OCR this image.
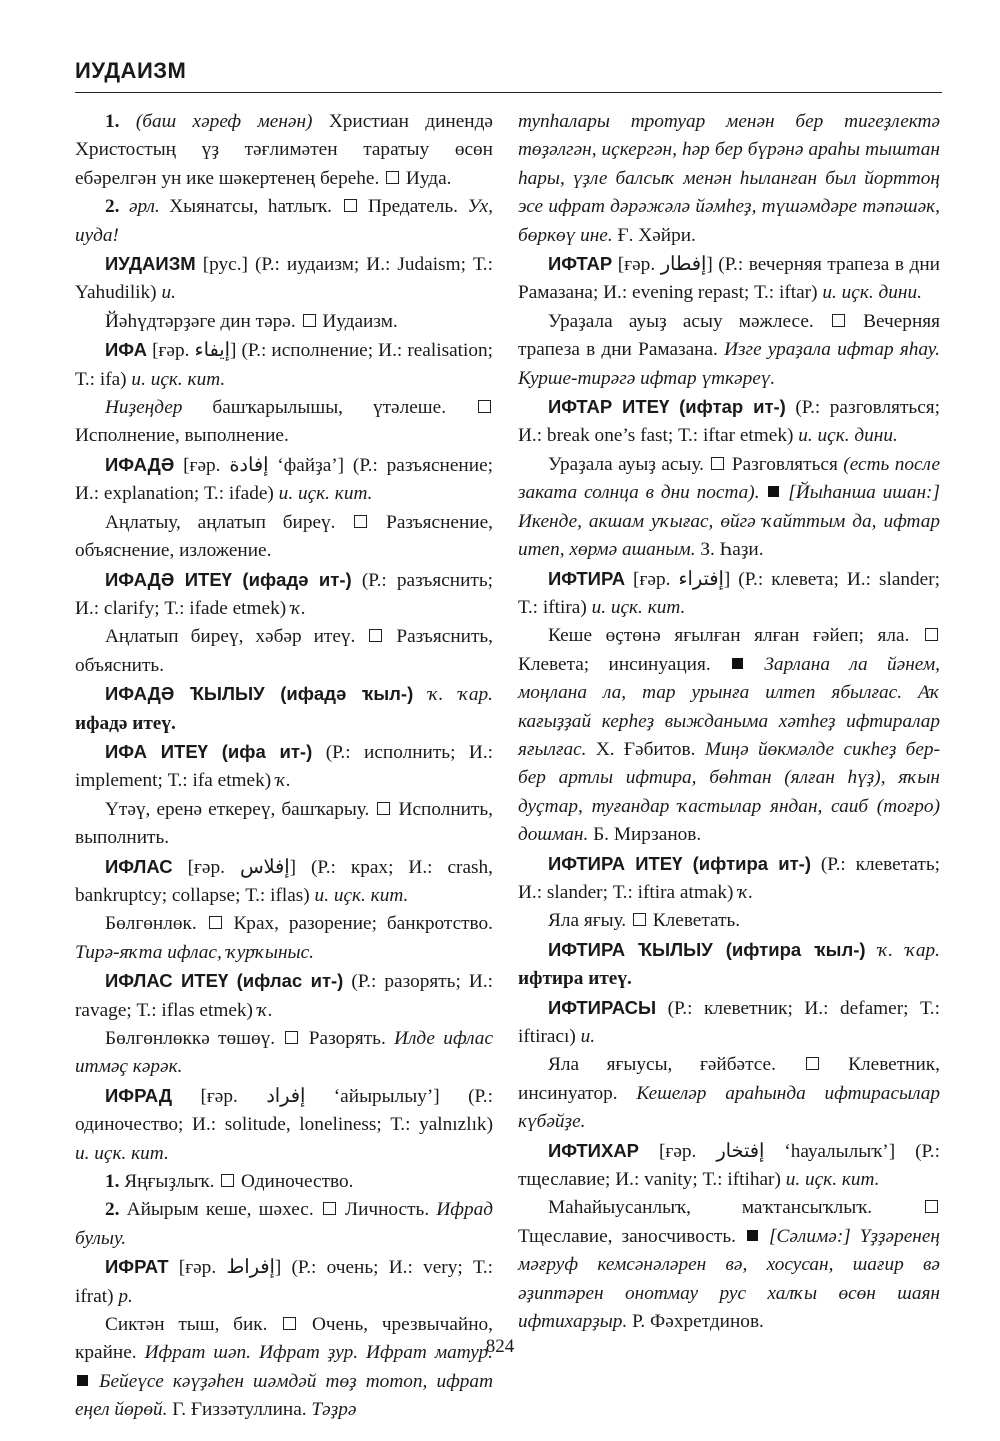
ИУДАИЗМ

1. (баш хәреф менән) Христиан динендә Христостың үҙ тәғлимәтен таратыу өсөн ебәрелгән ун ике шәкертенең береһе.  Иуда.

2. әрл. Хыянатсы, һатлыҡ.  Предатель. Ух, иуда!

ИУДАИЗМ [рус.] (Р.: иудаизм; И.: Judaism; Т.: Yahudilik) и.

Йәһүдтәрҙәге дин тәрә.  Иудаизм.

ИФА [ғәр. إيفاء] (Р.: исполнение; И.: realisation; Т.: ifa) и. иҫк. кит.

Ниҙеңдер башҡарылышы, үтәлеше.  Исполнение, выполнение.

ИФАДӘ [ғәр. إفادة ‘файҙа’] (Р.: разъяснение; И.: explanation; Т.: ifade) и. иҫк. кит.

Аңлатыу, аңлатып биреү.  Разъяснение, объяснение, изложение.

ИФАДӘ ИТЕҮ (ифадә ит-) (Р.: разъяснить; И.: clarify; Т.: ifade etmek) ҡ.

Аңлатып биреү, хәбәр итеү.  Разъяснить, объяснить.

ИФАДӘ ҠЫЛЫУ (ифадә ҡыл-) ҡ. ҡар. ифадә итеү.

ИФА ИТЕҮ (ифа ит-) (Р.: исполнить; И.: implement; Т.: ifa etmek) ҡ.

Үтәү, еренә еткереү, башҡарыу.  Исполнить, выполнить.

ИФЛАС [ғәр. إفلاس] (Р.: крах; И.: crash, bankruptcy; collapse; Т.: iflas) и. иҫк. кит.

Бөлгөнлөк.  Крах, разорение; банкротство. Тирә-яҡта ифлас, ҡурҡыныс.

ИФЛАС ИТЕҮ (ифлас ит-) (Р.: разорять; И.: ravage; Т.: iflas etmek) ҡ.

Бөлгөнлөккә төшөү.  Разорять. Илде ифлас итмәҫ кәрәк.

ИФРАД [ғәр. إفراد ‘айырылыу’] (Р.: одиночество; И.: solitude, loneliness; Т.: yalnızlık) и. иҫк. кит.

1. Яңғыҙлыҡ.  Одиночество.

2. Айырым кеше, шәхес.  Личность. Ифрад булыу.

ИФРАТ [ғәр. إفراط] (Р.: очень; И.: very; Т.: ifrat) р.

Сиктән тыш, бик.  Очень, чрезвычайно, крайне. Ифрат шәп. Ифрат ҙур. Ифрат матур.  Бейеүсе кәүҙәһен шәмдәй төҙ тотоп, ифрат еңел йөрөй. Г. Ғиззәтуллина. Тәҙрә

тупһалары тротуар менән бер тигеҙлектә төҙәлгән, иҫкергән, һәр бер бүрәнә араһы тыштан һары, үҙле балсыҡ менән һыланған был йорттоң эсе ифрат дәрәжәлә йәмһеҙ, түшәмдәре тәпәшәк, бөркөү ине. Ғ. Хәйри.

ИФТАР [ғәр. إفطار] (Р.: вечерняя трапеза в дни Рамазана; И.: evening repast; Т.: iftar) и. иҫк. дини.

Ураҙала ауыҙ асыу мәжлесе.  Вечерняя трапеза в дни Рамазана. Изге ураҙала ифтар яһау. Курше-тирәгә ифтар үткәреү.

ИФТАР ИТЕҮ (ифтар ит-) (Р.: разговляться; И.: break one’s fast; Т.: iftar etmek) и. иҫк. дини.

Ураҙала ауыҙ асыу.  Разговляться (есть после заката солнца в дни поста).  [Йыһанша ишан:] Икенде, акшам уҡығас, өйгә ҡайттым да, ифтар итеп, хөрмә ашаным. З. Һаҙи.

ИФТИРА [ғәр. إفتراء] (Р.: клевета; И.: slander; Т.: iftira) и. иҫк. кит.

Кеше өҫтөнә яғылған ялған ғәйеп; яла.  Клевета; инсинуация.  Зарлана ла йәнем, моңлана ла, тар урынға илтеп ябылғас. Аҡ кағыҙҙай керһеҙ выжданыма хәтһеҙ ифтиралар яғылғас. Х. Ғәбитов. Миңә йөкмәлде сикһеҙ бер-бер артлы ифтира, бөһтан (ялған һүҙ), яҡын дуҫтар, туғандар ҡастылар яндан, саиб (тоғро) дошман. Б. Мирзанов.

ИФТИРА ИТЕҮ (ифтира ит-) (Р.: клеветать; И.: slander; Т.: iftira atmak) ҡ.

Яла яғыу.  Клеветать.

ИФТИРА ҠЫЛЫУ (ифтира ҡыл-) ҡ. ҡар. ифтира итеү.

ИФТИРАСЫ (Р.: клеветник; И.: defamer; Т.: iftiracı) и.

Яла яғыусы, ғәйбәтсе.  Клеветник, инсинуатор. Кешеләр араһында ифтирасылар күбәйҙе.

ИФТИХАР [ғәр. إفتخار ‘һауалылыҡ’] (Р.: тщеславие; И.: vanity; Т.: iftihar) и. иҫк. кит.

Маһайыусанлыҡ, маҡтансыҡлыҡ.  Тщеславие, заносчивость.  [Сәлимә:] Үҙҙәренең мәғруф кемсәнәләрен вә, хосусан, шағир вә әҙиптәрен онотмау рус халҡы өсөн шаян ифтихарҙыр. Р. Фәхретдинов.

824
